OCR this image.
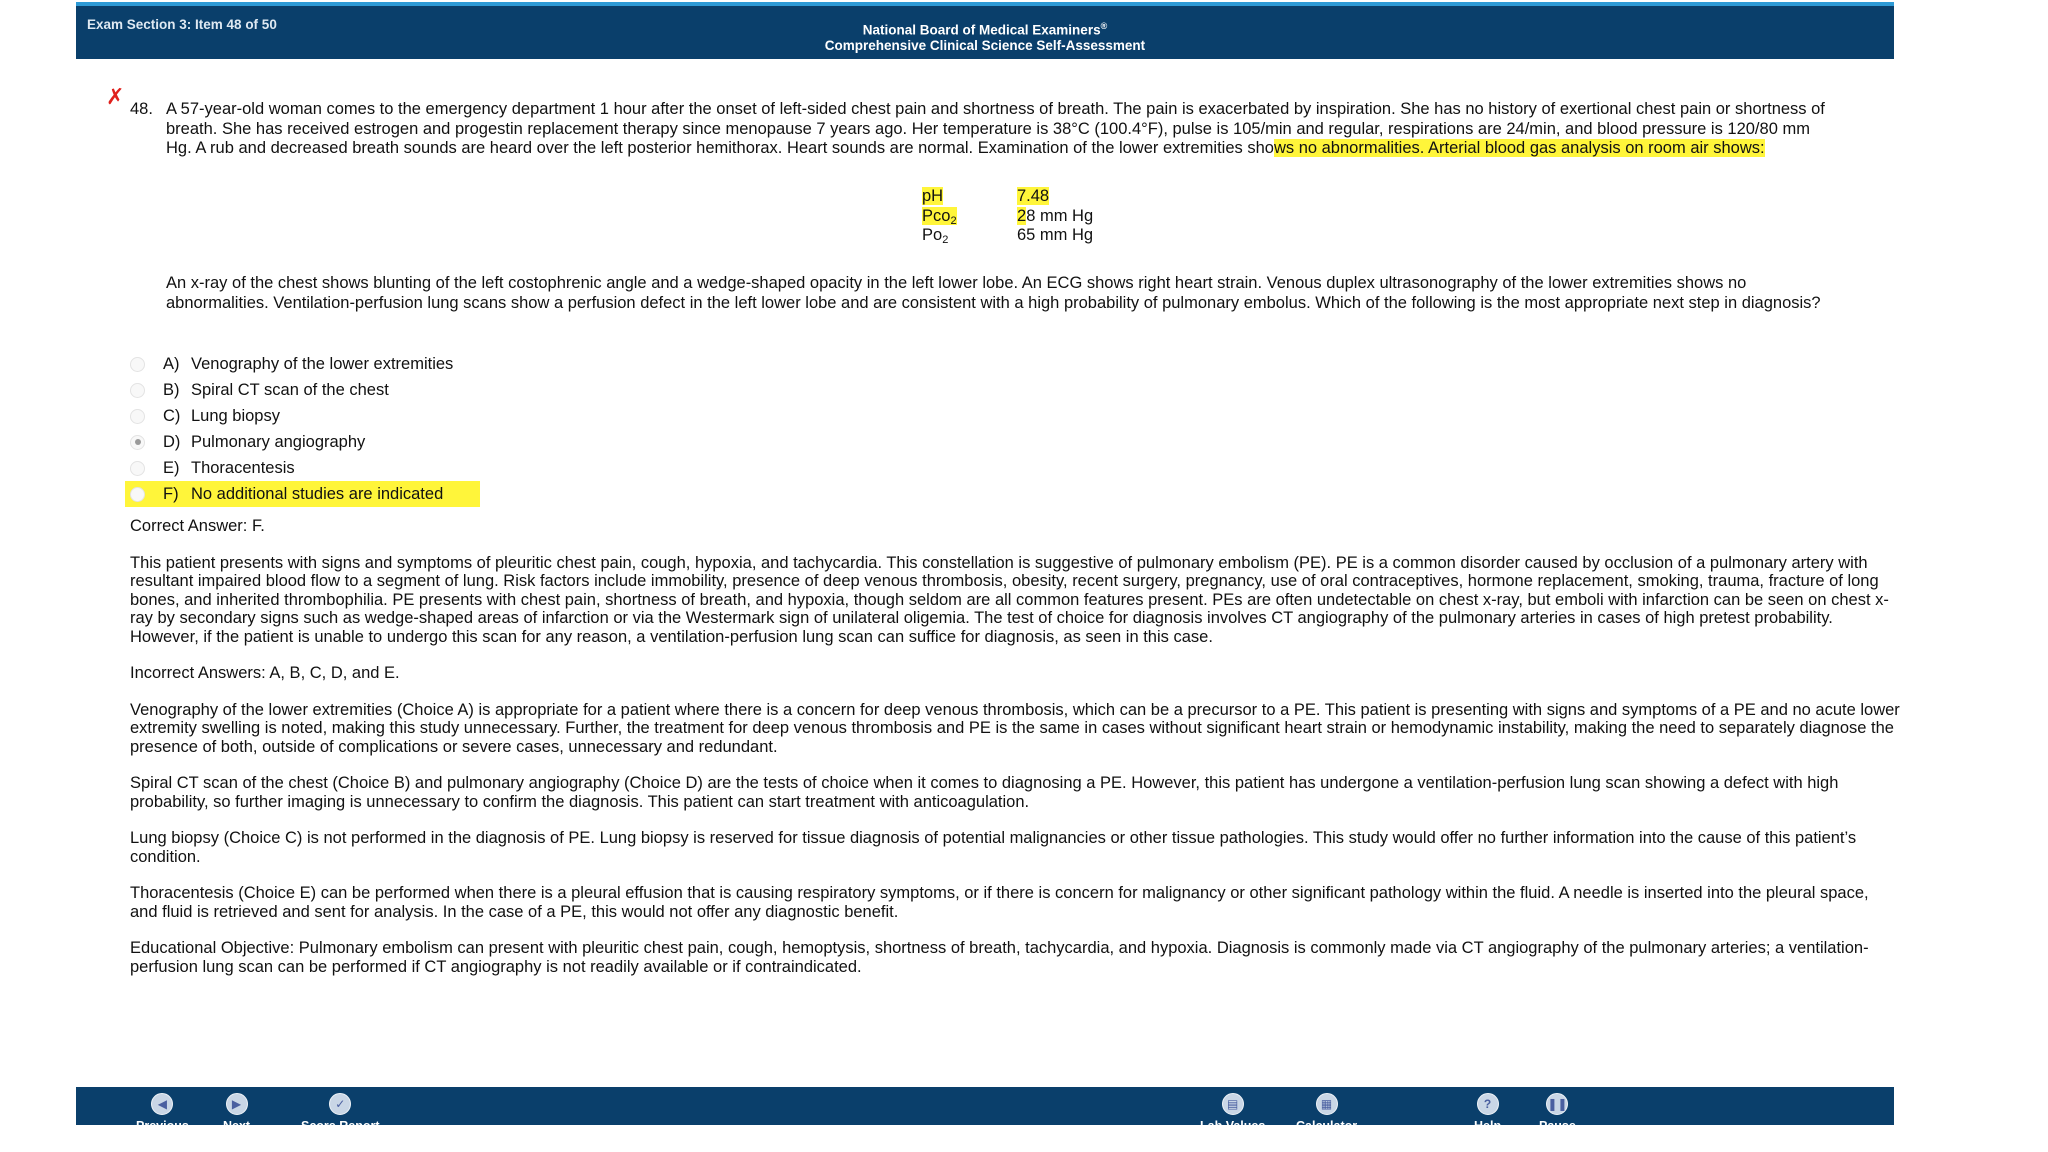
Exam Section 3: Item 48 of 50	National Board of Medical Examiners®
Comprehensive Clinical Science Self-Assessment
✗ 48. A 57-year-old woman comes to the emergency department 1 hour after the onset of left-sided chest pain and shortness of breath. The pain is exacerbated by inspiration. She has no history of exertional chest pain or shortness of breath. She has received estrogen and progestin replacement therapy since menopause 7 years ago. Her temperature is 38°C (100.4°F), pulse is 105/min and regular, respirations are 24/min, and blood pressure is 120/80 mm Hg. A rub and decreased breath sounds are heard over the left posterior hemithorax. Heart sounds are normal. Examination of the lower extremities shows no abnormalities. Arterial blood gas analysis on room air shows:
pH	7.48
Pco$_2$	28 mm Hg
$Po_2$	65 mm Hg
An x-ray of the chest shows blunting of the left costophrenic angle and a wedge-shaped opacity in the left lower lobe. An ECG shows right heart strain. Venous duplex ultrasonography of the lower extremities shows no abnormalities. Ventilation-perfusion lung scans show a perfusion defect in the left lower lobe and are consistent with a high probability of pulmonary embolus. Which of the following is the most appropriate next step in diagnosis?
A) Venography of the lower extremities
B) Spiral CT scan of the chest
C) Lung biopsy
D) Pulmonary angiography
E) Thoracentesis
F) No additional studies are indicated

Correct Answer: F.

This patient presents with signs and symptoms of pleuritic chest pain, cough, hypoxia, and tachycardia. This constellation is suggestive of pulmonary embolism (PE). PE is a common disorder caused by occlusion of a pulmonary artery with resultant impaired blood flow to a segment of lung. Risk factors include immobility, presence of deep venous thrombosis, obesity, recent surgery, pregnancy, use of oral contraceptives, hormone replacement, smoking, trauma, fracture of long bones, and inherited thrombophilia. PE presents with chest pain, shortness of breath, and hypoxia, though seldom are all common features present. PEs are often undetectable on chest x-ray, but emboli with infarction can be seen on chest x-ray by secondary signs such as wedge-shaped areas of infarction or via the Westermark sign of unilateral oligemia. The test of choice for diagnosis involves CT angiography of the pulmonary arteries in cases of high pretest probability. However, if the patient is unable to undergo this scan for any reason, a ventilation-perfusion lung scan can suffice for diagnosis, as seen in this case.

Incorrect Answers: A, B, C, D, and E.

Venography of the lower extremities (Choice A) is appropriate for a patient where there is a concern for deep venous thrombosis, which can be a precursor to a PE. This patient is presenting with signs and symptoms of a PE and no acute lower extremity swelling is noted, making this study unnecessary. Further, the treatment for deep venous thrombosis and PE is the same in cases without significant heart strain or hemodynamic instability, making the need to separately diagnose the presence of both, outside of complications or severe cases, unnecessary and redundant.

Spiral CT scan of the chest (Choice B) and pulmonary angiography (Choice D) are the tests of choice when it comes to diagnosing a PE. However, this patient has undergone a ventilation-perfusion lung scan showing a defect with high probability, so further imaging is unnecessary to confirm the diagnosis. This patient can start treatment with anticoagulation.

Lung biopsy (Choice C) is not performed in the diagnosis of PE. Lung biopsy is reserved for tissue diagnosis of potential malignancies or other tissue pathologies. This study would offer no further information into the cause of this patient’s condition.

Thoracentesis (Choice E) can be performed when there is a pleural effusion that is causing respiratory symptoms, or if there is concern for malignancy or other significant pathology within the fluid. A needle is inserted into the pleural space, and fluid is retrieved and sent for analysis. In the case of a PE, this would not offer any diagnostic benefit.

Educational Objective: Pulmonary embolism can present with pleuritic chest pain, cough, hemoptysis, shortness of breath, tachycardia, and hypoxia. Diagnosis is commonly made via CT angiography of the pulmonary arteries; a ventilation-perfusion lung scan can be performed if CT angiography is not readily available or if contraindicated.

◀
Previous
▶
Next
✓
Score Report
▤
Lab Values
▦
Calculator
?
Help
❚❚
Pause
